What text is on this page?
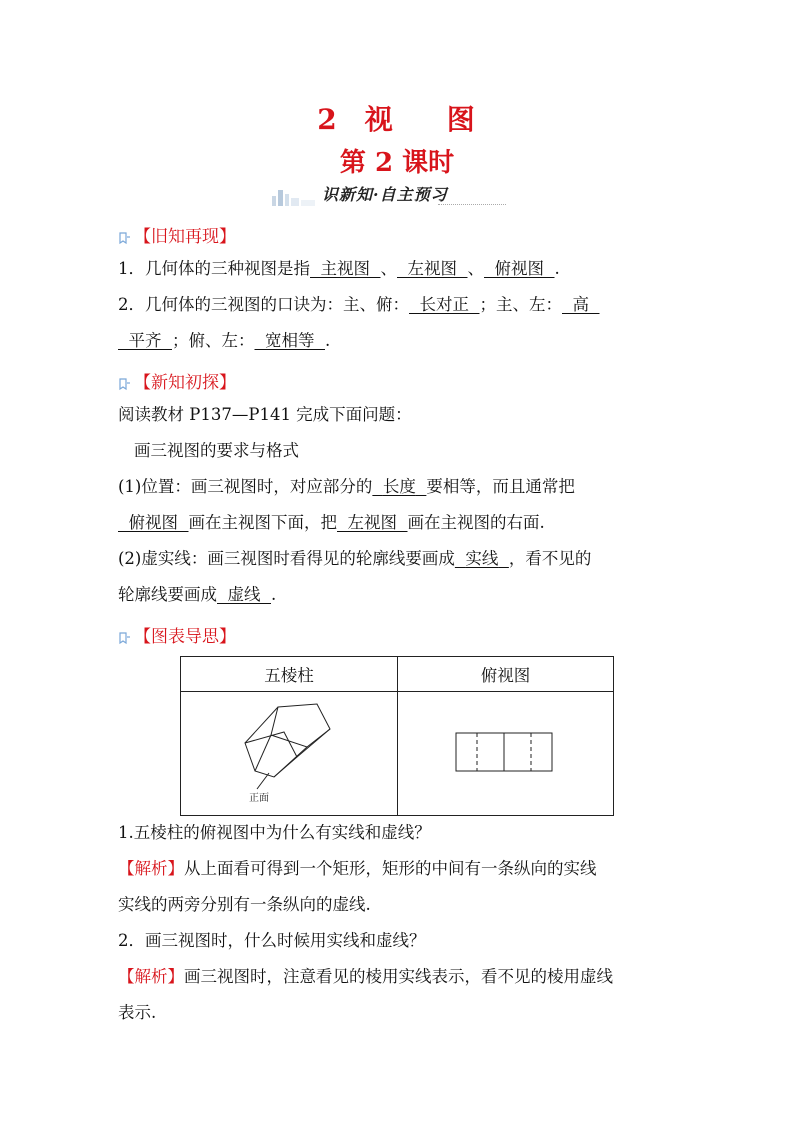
2 视 图
第 2 课时
识新知·自主预习
【旧知再现】
1．几何体的三种视图是指 主视图 、 左视图 、 俯视图 .
2．几何体的三视图的口诀为：主、俯： 长对正 ；主、左： 高
平齐 ；俯、左： 宽相等 .
【新知初探】
阅读教材 P137—P141 完成下面问题：
画三视图的要求与格式
(1)位置：画三视图时，对应部分的 长度 要相等，而且通常把
俯视图 画在主视图下面，把 左视图 画在主视图的右面.
(2)虚实线：画三视图时看得见的轮廓线要画成 实线 ，看不见的
轮廓线要画成 虚线 .
【图表导思】
五棱柱	俯视图

正面

1.五棱柱的俯视图中为什么有实线和虚线？
【解析】从上面看可得到一个矩形，矩形的中间有一条纵向的实线
实线的两旁分别有一条纵向的虚线.
2．画三视图时，什么时候用实线和虚线？
【解析】画三视图时，注意看见的棱用实线表示，看不见的棱用虚线
表示.
